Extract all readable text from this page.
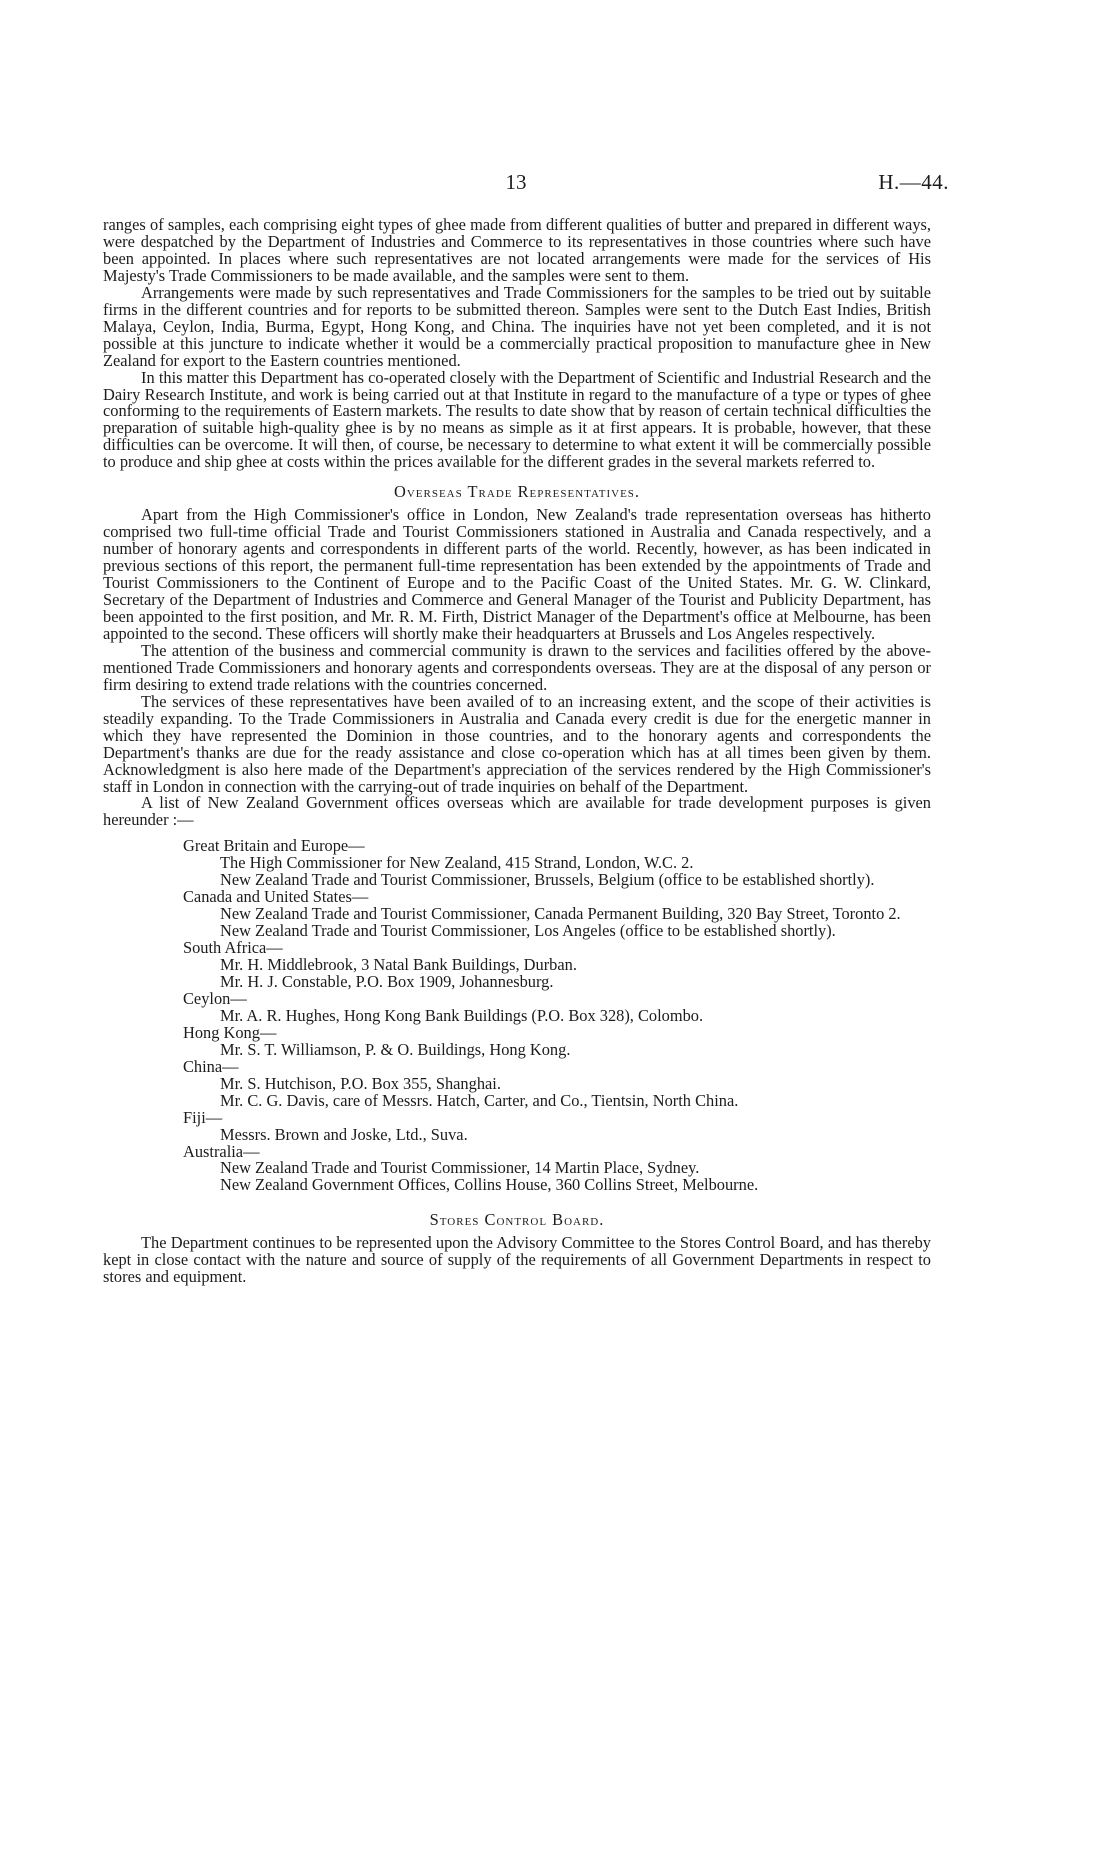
13	H.—44.

ranges of samples, each comprising eight types of ghee made from different qualities of butter and prepared in different ways, were despatched by the Department of Industries and Commerce to its representatives in those countries where such have been appointed. In places where such representatives are not located arrangements were made for the services of His Majesty's Trade Commissioners to be made available, and the samples were sent to them.

Arrangements were made by such representatives and Trade Commissioners for the samples to be tried out by suitable firms in the different countries and for reports to be submitted thereon. Samples were sent to the Dutch East Indies, British Malaya, Ceylon, India, Burma, Egypt, Hong Kong, and China. The inquiries have not yet been completed, and it is not possible at this juncture to indicate whether it would be a commercially practical proposition to manufacture ghee in New Zealand for export to the Eastern countries mentioned.

In this matter this Department has co-operated closely with the Department of Scientific and Industrial Research and the Dairy Research Institute, and work is being carried out at that Institute in regard to the manufacture of a type or types of ghee conforming to the requirements of Eastern markets. The results to date show that by reason of certain technical difficulties the preparation of suitable high-quality ghee is by no means as simple as it at first appears. It is probable, however, that these difficulties can be overcome. It will then, of course, be necessary to determine to what extent it will be commercially possible to produce and ship ghee at costs within the prices available for the different grades in the several markets referred to.

Overseas Trade Representatives.

Apart from the High Commissioner's office in London, New Zealand's trade representation overseas has hitherto comprised two full-time official Trade and Tourist Commissioners stationed in Australia and Canada respectively, and a number of honorary agents and correspondents in different parts of the world. Recently, however, as has been indicated in previous sections of this report, the permanent full-time representation has been extended by the appointments of Trade and Tourist Commissioners to the Continent of Europe and to the Pacific Coast of the United States. Mr. G. W. Clinkard, Secretary of the Department of Industries and Commerce and General Manager of the Tourist and Publicity Department, has been appointed to the first position, and Mr. R. M. Firth, District Manager of the Department's office at Melbourne, has been appointed to the second. These officers will shortly make their headquarters at Brussels and Los Angeles respectively.

The attention of the business and commercial community is drawn to the services and facilities offered by the above-mentioned Trade Commissioners and honorary agents and correspondents overseas. They are at the disposal of any person or firm desiring to extend trade relations with the countries concerned.

The services of these representatives have been availed of to an increasing extent, and the scope of their activities is steadily expanding. To the Trade Commissioners in Australia and Canada every credit is due for the energetic manner in which they have represented the Dominion in those countries, and to the honorary agents and correspondents the Department's thanks are due for the ready assistance and close co-operation which has at all times been given by them. Acknowledgment is also here made of the Department's appreciation of the services rendered by the High Commissioner's staff in London in connection with the carrying-out of trade inquiries on behalf of the Department.

A list of New Zealand Government offices overseas which are available for trade development purposes is given hereunder :—

Great Britain and Europe—
The High Commissioner for New Zealand, 415 Strand, London, W.C. 2.
New Zealand Trade and Tourist Commissioner, Brussels, Belgium (office to be established shortly).
Canada and United States—
New Zealand Trade and Tourist Commissioner, Canada Permanent Building, 320 Bay Street, Toronto 2.
New Zealand Trade and Tourist Commissioner, Los Angeles (office to be established shortly).
South Africa—
Mr. H. Middlebrook, 3 Natal Bank Buildings, Durban.
Mr. H. J. Constable, P.O. Box 1909, Johannesburg.
Ceylon—
Mr. A. R. Hughes, Hong Kong Bank Buildings (P.O. Box 328), Colombo.
Hong Kong—
Mr. S. T. Williamson, P. & O. Buildings, Hong Kong.
China—
Mr. S. Hutchison, P.O. Box 355, Shanghai.
Mr. C. G. Davis, care of Messrs. Hatch, Carter, and Co., Tientsin, North China.
Fiji—
Messrs. Brown and Joske, Ltd., Suva.
Australia—
New Zealand Trade and Tourist Commissioner, 14 Martin Place, Sydney.
New Zealand Government Offices, Collins House, 360 Collins Street, Melbourne.
Stores Control Board.

The Department continues to be represented upon the Advisory Committee to the Stores Control Board, and has thereby kept in close contact with the nature and source of supply of the requirements of all Government Departments in respect to stores and equipment.
